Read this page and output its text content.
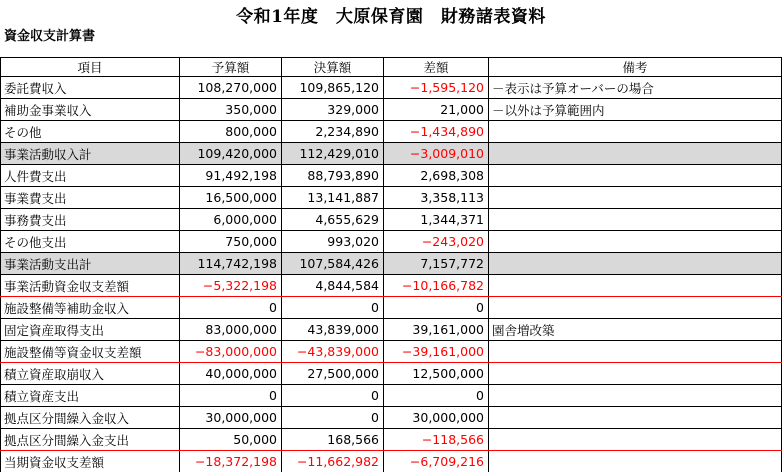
令和1年度　大原保育園　財務諸表資料
資金収支計算書
項目	予算額	決算額	差額	備考
委託費収入	108,270,000	109,865,120	−1,595,120	－表示は予算オーバーの場合
補助金事業収入	350,000	329,000	21,000	－以外は予算範囲内
その他	800,000	2,234,890	−1,434,890	
事業活動収入計	109,420,000	112,429,010	−3,009,010	
人件費支出	91,492,198	88,793,890	2,698,308	
事業費支出	16,500,000	13,141,887	3,358,113	
事務費支出	6,000,000	4,655,629	1,344,371	
その他支出	750,000	993,020	−243,020	
事業活動支出計	114,742,198	107,584,426	7,157,772	
事業活動資金収支差額	−5,322,198	4,844,584	−10,166,782	
施設整備等補助金収入	0	0	0	
固定資産取得支出	83,000,000	43,839,000	39,161,000	園舎増改築
施設整備等資金収支差額	−83,000,000	−43,839,000	−39,161,000	
積立資産取崩収入	40,000,000	27,500,000	12,500,000	
積立資産支出	0	0	0	
拠点区分間繰入金収入	30,000,000	0	30,000,000	
拠点区分間繰入金支出	50,000	168,566	−118,566	
当期資金収支差額	−18,372,198	−11,662,982	−6,709,216	
